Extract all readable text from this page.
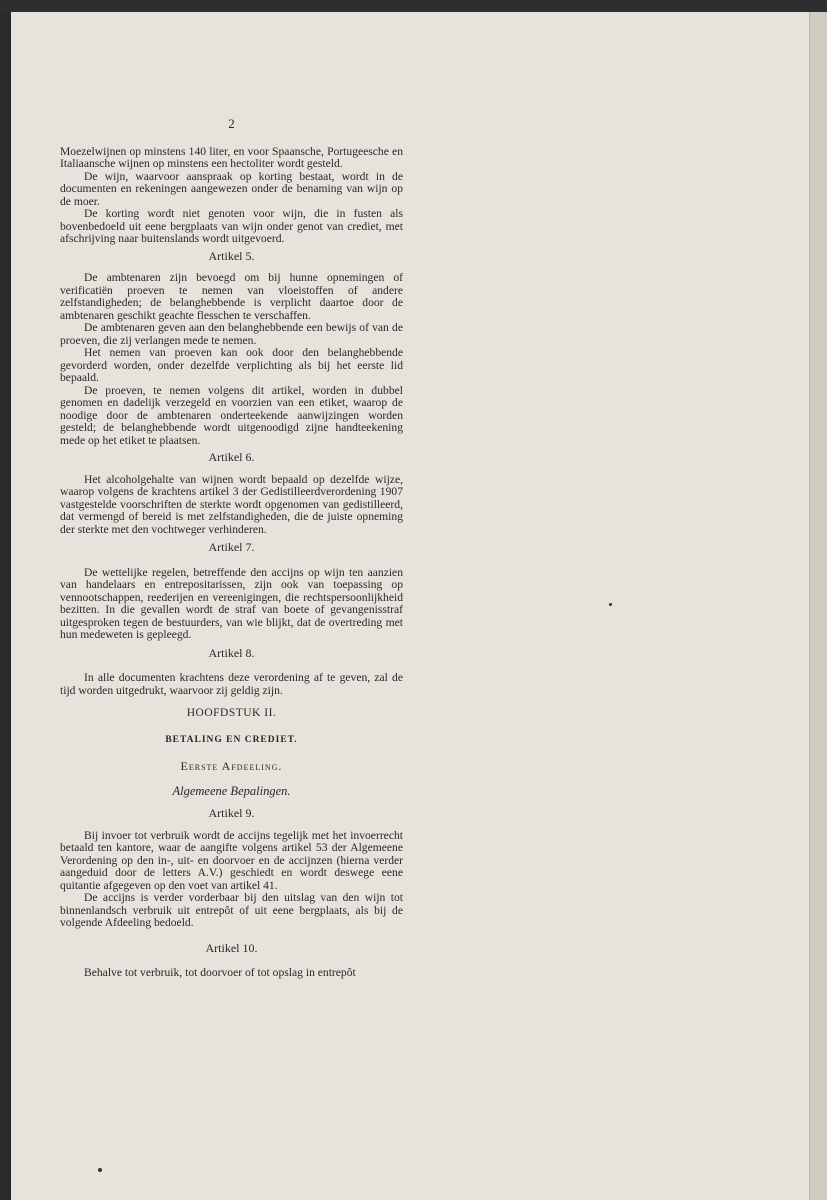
2

Moezelwijnen op minstens 140 liter, en voor Spaansche, Portugeesche en Italiaansche wijnen op minstens een hectoliter wordt gesteld.

De wijn, waarvoor aanspraak op korting bestaat, wordt in de documenten en rekeningen aangewezen onder de benaming van wijn op de moer.

De korting wordt niet genoten voor wijn, die in fusten als bovenbedoeld uit eene bergplaats van wijn onder genot van crediet, met afschrijving naar buitenslands wordt uitgevoerd.

Artikel 5.

De ambtenaren zijn bevoegd om bij hunne opnemingen of verificatiën proeven te nemen van vloeistoffen of andere zelfstandigheden; de belanghebbende is verplicht daartoe door de ambtenaren geschikt geachte flesschen te verschaffen.

De ambtenaren geven aan den belanghebbende een bewijs of van de proeven, die zij verlangen mede te nemen.

Het nemen van proeven kan ook door den belanghebbende gevorderd worden, onder dezelfde verplichting als bij het eerste lid bepaald.

De proeven, te nemen volgens dit artikel, worden in dubbel genomen en dadelijk verzegeld en voorzien van een etiket, waarop de noodige door de ambtenaren onderteekende aanwijzingen worden gesteld; de belanghebbende wordt uitgenoodigd zijne handteekening mede op het etiket te plaatsen.

Artikel 6.

Het alcoholgehalte van wijnen wordt bepaald op dezelfde wijze, waarop volgens de krachtens artikel 3 der Gedistilleerdverordening 1907 vastgestelde voorschriften de sterkte wordt opgenomen van gedistilleerd, dat vermengd of bereid is met zelfstandigheden, die de juiste opneming der sterkte met den vochtweger verhinderen.

Artikel 7.

De wettelijke regelen, betreffende den accijns op wijn ten aanzien van handelaars en entrepositarissen, zijn ook van toepassing op vennootschappen, reederijen en vereenigingen, die rechtspersoonlijkheid bezitten. In die gevallen wordt de straf van boete of gevangenisstraf uitgesproken tegen de bestuurders, van wie blijkt, dat de overtreding met hun medeweten is gepleegd.

Artikel 8.

In alle documenten krachtens deze verordening af te geven, zal de tijd worden uitgedrukt, waarvoor zij geldig zijn.

HOOFDSTUK II.
BETALING EN CREDIET.
Eerste Afdeeling.
Algemeene Bepalingen.
Artikel 9.

Bij invoer tot verbruik wordt de accijns tegelijk met het invoerrecht betaald ten kantore, waar de aangifte volgens artikel 53 der Algemeene Verordening op den in-, uit- en doorvoer en de accijnzen (hierna verder aangeduid door de letters A.V.) geschiedt en wordt deswege eene quitantie afgegeven op den voet van artikel 41.

De accijns is verder vorderbaar bij den uitslag van den wijn tot binnenlandsch verbruik uit entrepôt of uit eene bergplaats, als bij de volgende Afdeeling bedoeld.

Artikel 10.

Behalve tot verbruik, tot doorvoer of tot opslag in entrepôt
